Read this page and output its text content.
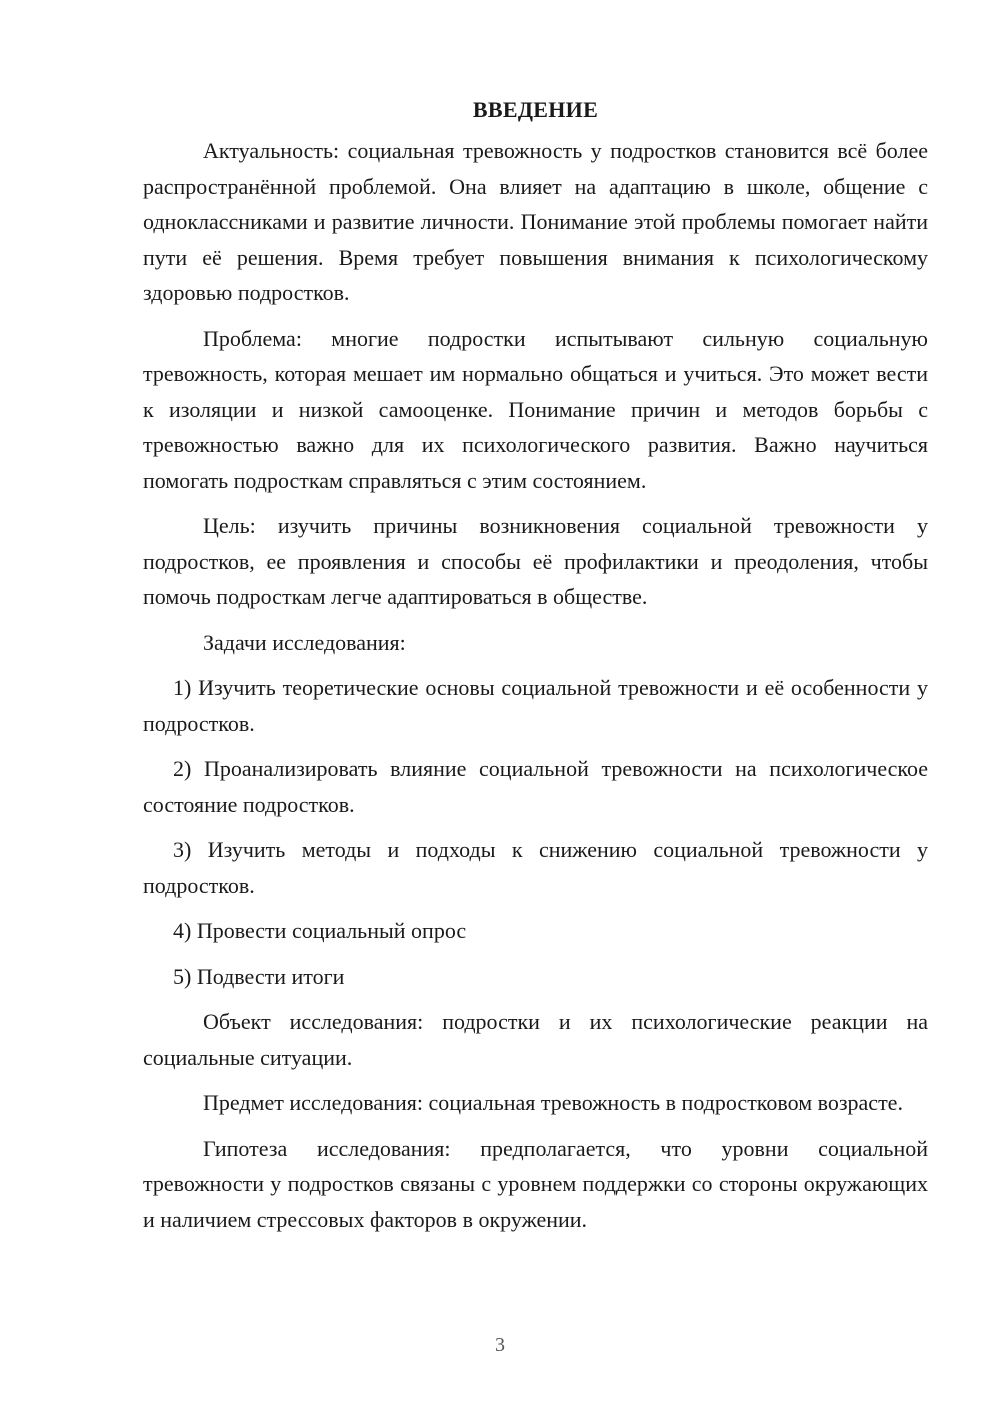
ВВЕДЕНИЕ

Актуальность: социальная тревожность у подростков становится всё более распространённой проблемой. Она влияет на адаптацию в школе, общение с одноклассниками и развитие личности. Понимание этой проблемы помогает найти пути её решения. Время требует повышения внимания к психологическому здоровью подростков.

Проблема: многие подростки испытывают сильную социальную тревожность, которая мешает им нормально общаться и учиться. Это может вести к изоляции и низкой самооценке. Понимание причин и методов борьбы с тревожностью важно для их психологического развития. Важно научиться помогать подросткам справляться с этим состоянием.

Цель: изучить причины возникновения социальной тревожности у подростков, ее проявления и способы её профилактики и преодоления, чтобы помочь подросткам легче адаптироваться в обществе.

Задачи исследования:

1) Изучить теоретические основы социальной тревожности и её особенности у подростков.

2) Проанализировать влияние социальной тревожности на психологическое состояние подростков.

3) Изучить методы и подходы к снижению социальной тревожности у подростков.

4) Провести социальный опрос

5) Подвести итоги

Объект исследования: подростки и их психологические реакции на социальные ситуации.

Предмет исследования: социальная тревожность в подростковом возрасте.

Гипотеза исследования: предполагается, что уровни социальной тревожности у подростков связаны с уровнем поддержки со стороны окружающих и наличием стрессовых факторов в окружении.

3
